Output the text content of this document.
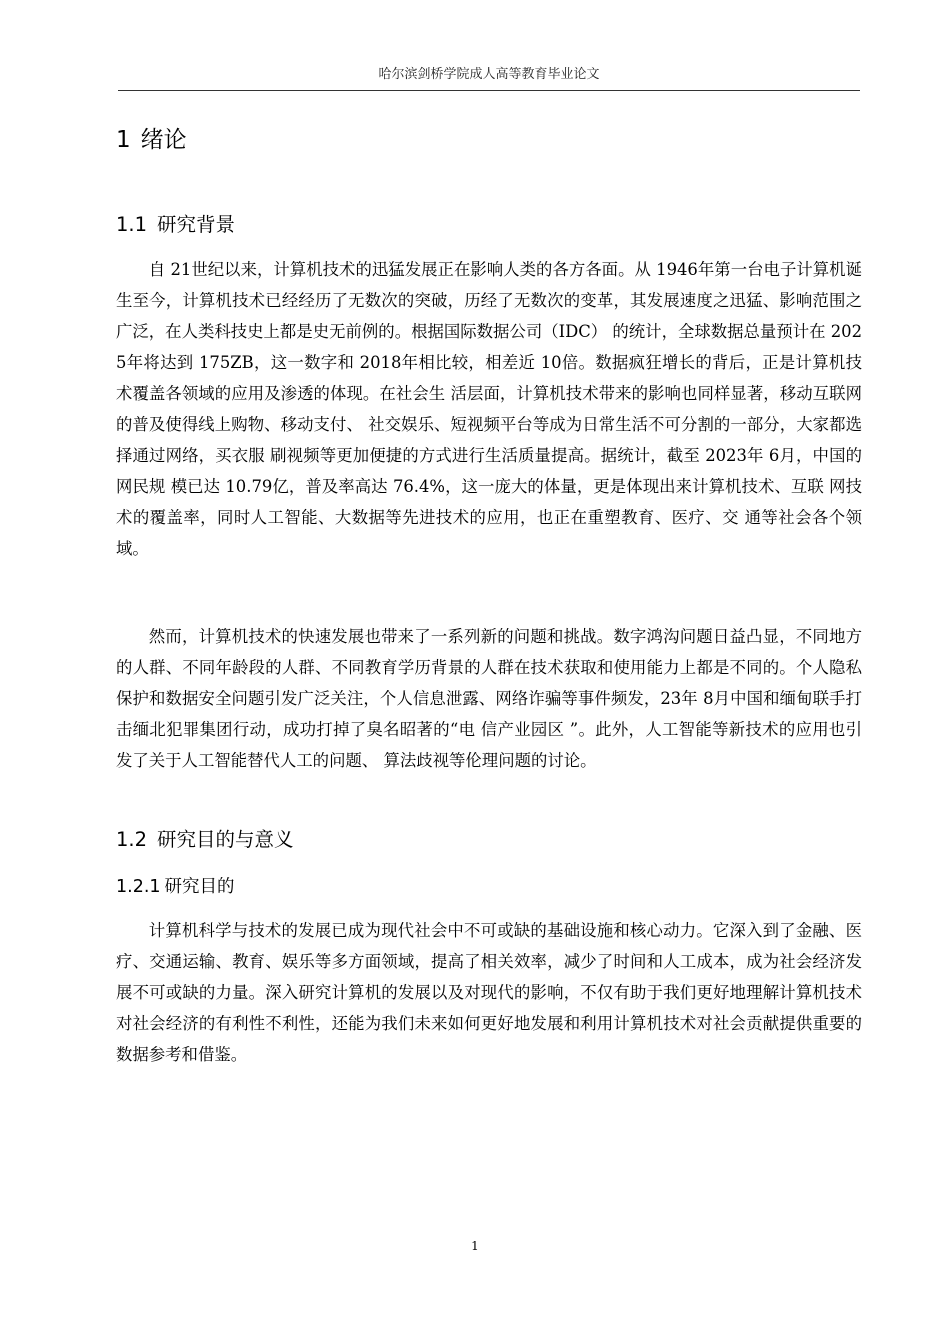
哈尔滨剑桥学院成人高等教育毕业论文
1 绪论
1.1 研究背景

自 21世纪以来，计算机技术的迅猛发展正在影响人类的各方各面。从 1946年第一台电子计算机诞生至今，计算机技术已经经历了无数次的突破，历经了无数次的变革，其发展速度之迅猛、影响范围之广泛，在人类科技史上都是史无前例的。根据国际数据公司（IDC） 的统计，全球数据总量预计在 2025年将达到 175ZB，这一数字和 2018年相比较，相差近 10倍。数据疯狂增长的背后，正是计算机技术覆盖各领域的应用及渗透的体现。在社会生 活层面，计算机技术带来的影响也同样显著，移动互联网的普及使得线上购物、移动支付、 社交娱乐、短视频平台等成为日常生活不可分割的一部分，大家都选择通过网络，买衣服 刷视频等更加便捷的方式进行生活质量提高。据统计，截至 2023年 6月，中国的网民规 模已达 10.79亿，普及率高达 76.4%，这一庞大的体量，更是体现出来计算机技术、互联 网技术的覆盖率，同时人工智能、大数据等先进技术的应用，也正在重塑教育、医疗、交 通等社会各个领域。

然而，计算机技术的快速发展也带来了一系列新的问题和挑战。数字鸿沟问题日益凸显，不同地方的人群、不同年龄段的人群、不同教育学历背景的人群在技术获取和使用能力上都是不同的。个人隐私保护和数据安全问题引发广泛关注，个人信息泄露、网络诈骗等事件频发，23年 8月中国和缅甸联手打击缅北犯罪集团行动，成功打掉了臭名昭著的“电 信产业园区 ”。此外，人工智能等新技术的应用也引发了关于人工智能替代人工的问题、 算法歧视等伦理问题的讨论。

1.2 研究目的与意义
1.2.1 研究目的

计算机科学与技术的发展已成为现代社会中不可或缺的基础设施和核心动力。它深入到了金融、医疗、交通运输、教育、娱乐等多方面领域，提高了相关效率，减少了时间和人工成本，成为社会经济发展不可或缺的力量。深入研究计算机的发展以及对现代的影响，不仅有助于我们更好地理解计算机技术对社会经济的有利性不利性，还能为我们未来如何更好地发展和利用计算机技术对社会贡献提供重要的数据参考和借鉴。

1
